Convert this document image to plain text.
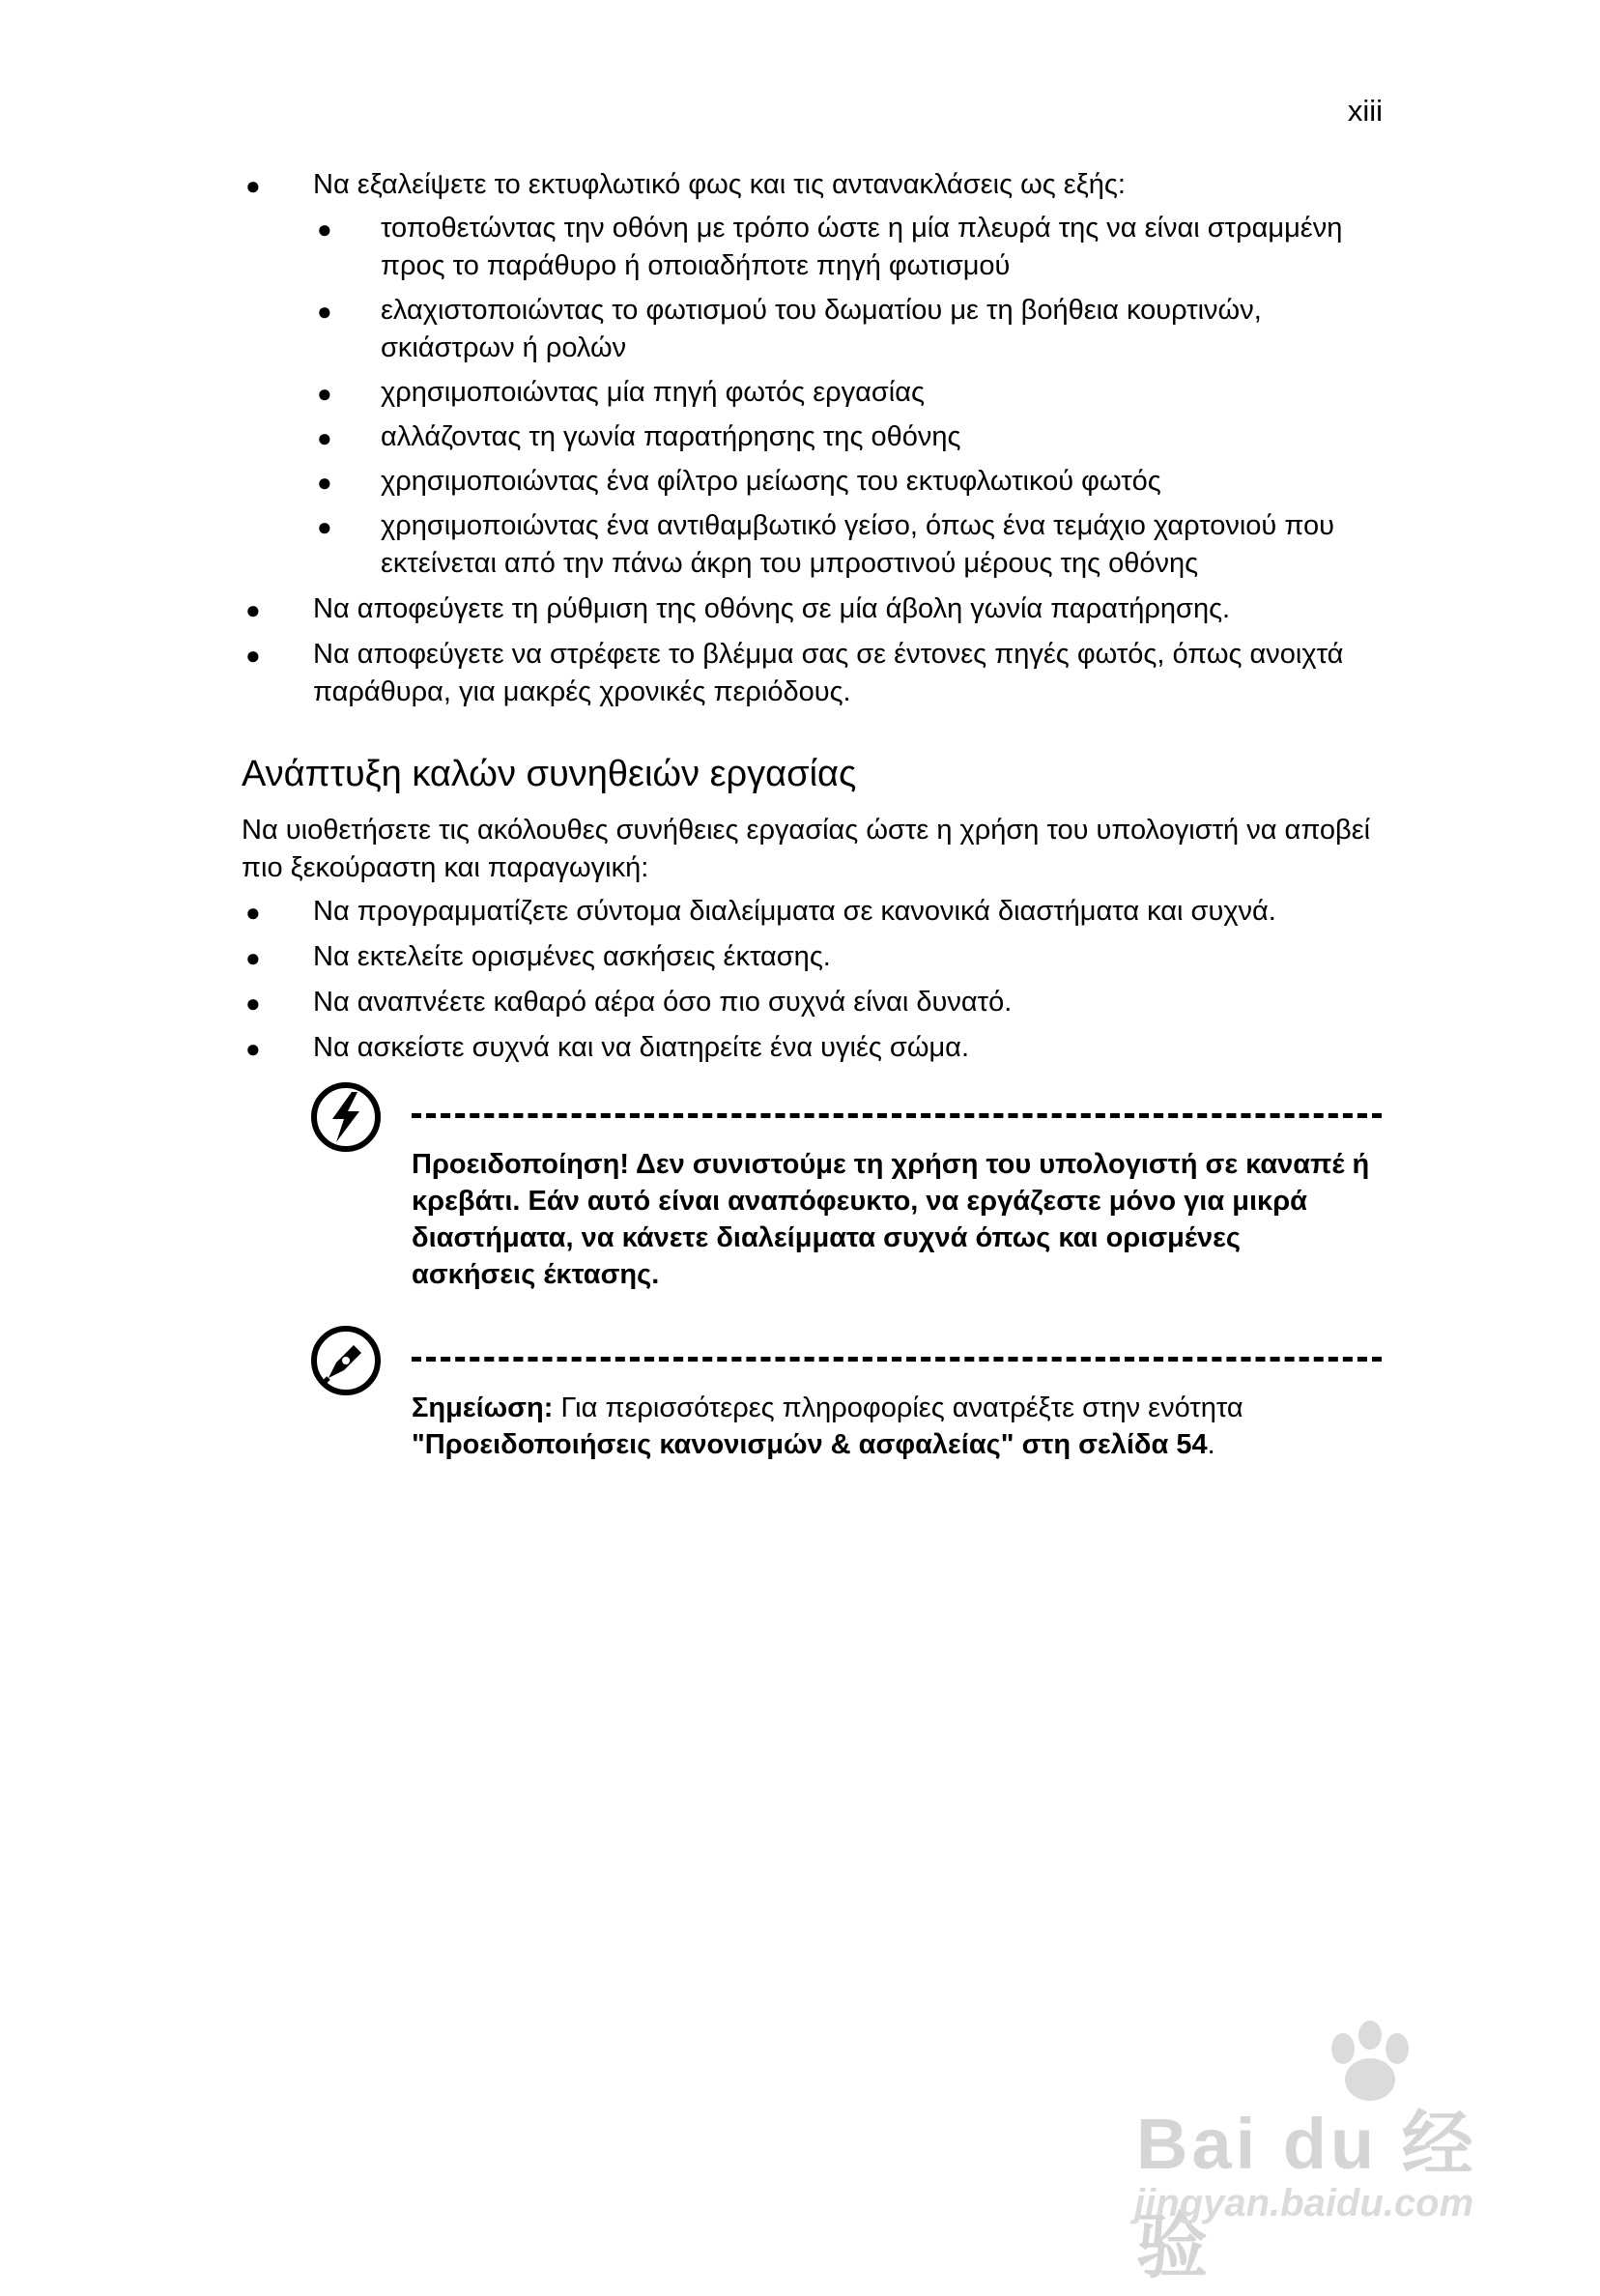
xiii
● Να εξαλείψετε το εκτυφλωτικό φως και τις αντανακλάσεις ως εξής:
● τοποθετώντας την οθόνη με τρόπο ώστε η μία πλευρά της να είναι στραμμένη προς το παράθυρο ή οποιαδήποτε πηγή φωτισμού
● ελαχιστοποιώντας το φωτισμού του δωματίου με τη βοήθεια κουρτινών, σκιάστρων ή ρολών
● χρησιμοποιώντας μία πηγή φωτός εργασίας
● αλλάζοντας τη γωνία παρατήρησης της οθόνης
● χρησιμοποιώντας ένα φίλτρο μείωσης του εκτυφλωτικού φωτός
● χρησιμοποιώντας ένα αντιθαμβωτικό γείσο, όπως ένα τεμάχιο χαρτονιού που εκτείνεται από την πάνω άκρη του μπροστινού μέρους της οθόνης
● Να αποφεύγετε τη ρύθμιση της οθόνης σε μία άβολη γωνία παρατήρησης.
● Να αποφεύγετε να στρέφετε το βλέμμα σας σε έντονες πηγές φωτός, όπως ανοιχτά παράθυρα, για μακρές χρονικές περιόδους.
Ανάπτυξη καλών συνηθειών εργασίας

Να υιοθετήσετε τις ακόλουθες συνήθειες εργασίας ώστε η χρήση του υπολογιστή να αποβεί πιο ξεκούραστη και παραγωγική:

● Να προγραμματίζετε σύντομα διαλείμματα σε κανονικά διαστήματα και συχνά.
● Να εκτελείτε ορισμένες ασκήσεις έκτασης.
● Να αναπνέετε καθαρό αέρα όσο πιο συχνά είναι δυνατό.
● Να ασκείστε συχνά και να διατηρείτε ένα υγιές σώμα.
Προειδοποίηση! Δεν συνιστούμε τη χρήση του υπολογιστή σε καναπέ ή κρεβάτι. Εάν αυτό είναι αναπόφευκτο, να εργάζεστε μόνο για μικρά διαστήματα, να κάνετε διαλείμματα συχνά όπως και ορισμένες ασκήσεις έκτασης.
Σημείωση: Για περισσότερες πληροφορίες ανατρέξτε στην ενότητα "Προειδοποιήσεις κανονισμών & ασφαλείας" στη σελίδα 54.
Bai du 经验
jingyan.baidu.com
